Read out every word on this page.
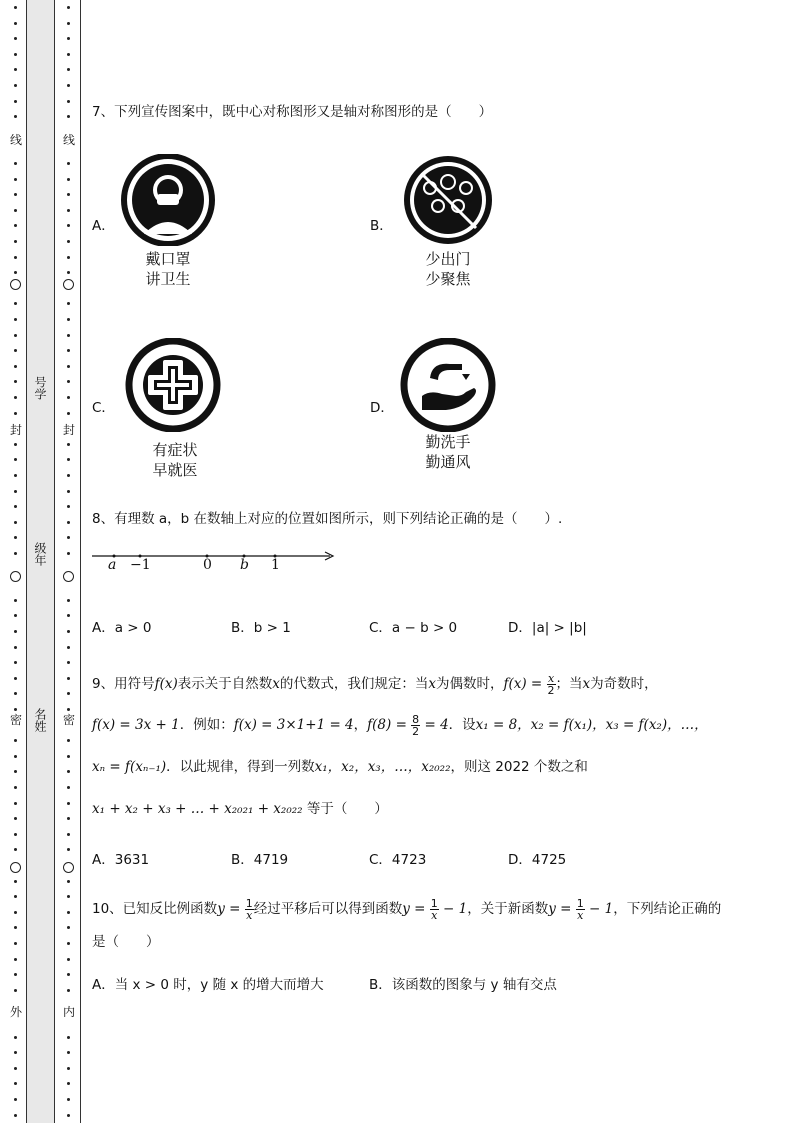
线
封
密
外
号学
级年
名姓
线
封
密
内
7、下列宣传图案中，既中心对称图形又是轴对称图形的是（　　）
A．
戴口罩
讲卫生
B．
少出门
少聚焦
C．
有症状
早就医
D．
勤洗手
勤通风
8、有理数 a，b 在数轴上对应的位置如图所示，则下列结论正确的是（　　）.
a −1	0 b 1
A．a > 0	B．b > 1	C．a − b > 0	D．|a| > |b|
9、用符号f(x)表示关于自然数x的代数式，我们规定：当x为偶数时，$f(x) = \frac{x}{2}$ ；当x为奇数时，
f(x) = 3x + 1．例如：f(x) = 3×1+1 = 4，$f(8) = \frac{8}{2} = 4$．设x₁ = 8，x₂ = f(x₁)，x₃ = f(x₂)，…，
xₙ = f(xₙ₋₁)．以此规律，得到一列数x₁，x₂，x₃，…，x₂₀₂₂，则这 2022 个数之和
x₁ + x₂ + x₃ + … + x₂₀₂₁ + x₂₀₂₂ 等于（　　）
A．3631	B．4719	C．4723	D．4725
10、已知反比例函数$y = \frac{1}{x}$ 经过平移后可以得到函数$y = \frac{1}{x} - 1$，关于新函数$y = \frac{1}{x} - 1$，下列结论正确的
是（　　）
A．当 x > 0 时，y 随 x 的增大而增大	B．该函数的图象与 y 轴有交点
